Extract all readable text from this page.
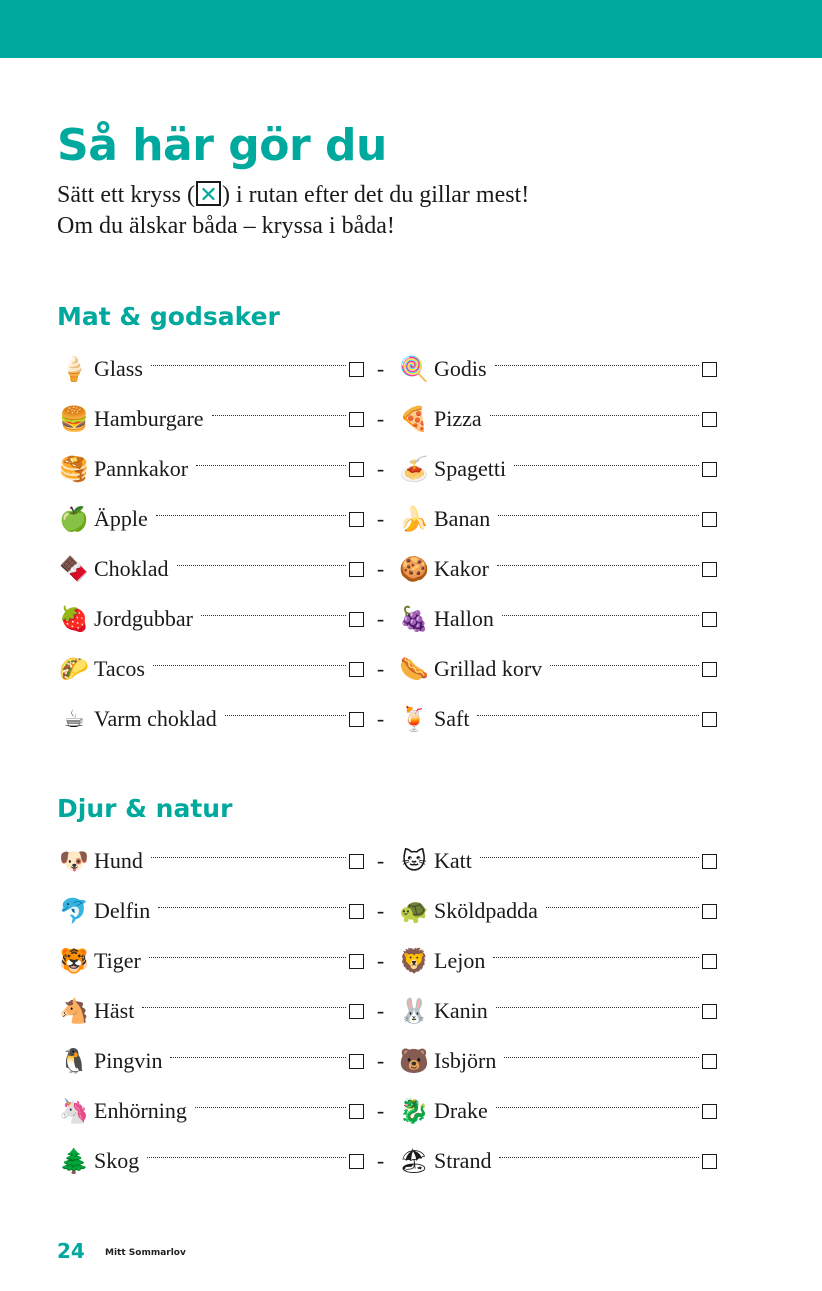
Så här gör du

Sätt ett kryss ( ✕ ) i rutan efter det du gillar mest!

Om du älskar båda – kryssa i båda!

Mat & godsaker
🍦 Glass	- 🍭 Godis
🍔 Hamburgare	- 🍕 Pizza
🥞 Pannkakor	- 🍝 Spagetti
🍏 Äpple	- 🍌 Banan
🍫 Choklad	- 🍪 Kakor
🍓 Jordgubbar	- 🍇 Hallon
🌮 Tacos	- 🌭 Grillad korv
☕ Varm choklad	- 🍹 Saft
Djur & natur
🐶 Hund	- 🐱 Katt
🐬 Delfin	- 🐢 Sköldpadda
🐯 Tiger	- 🦁 Lejon
🐴 Häst	- 🐰 Kanin
🐧 Pingvin	- 🐻 Isbjörn
🦄 Enhörning	- 🐉 Drake
🌲 Skog	- 🏖 Strand
24 Mitt Sommarlov
